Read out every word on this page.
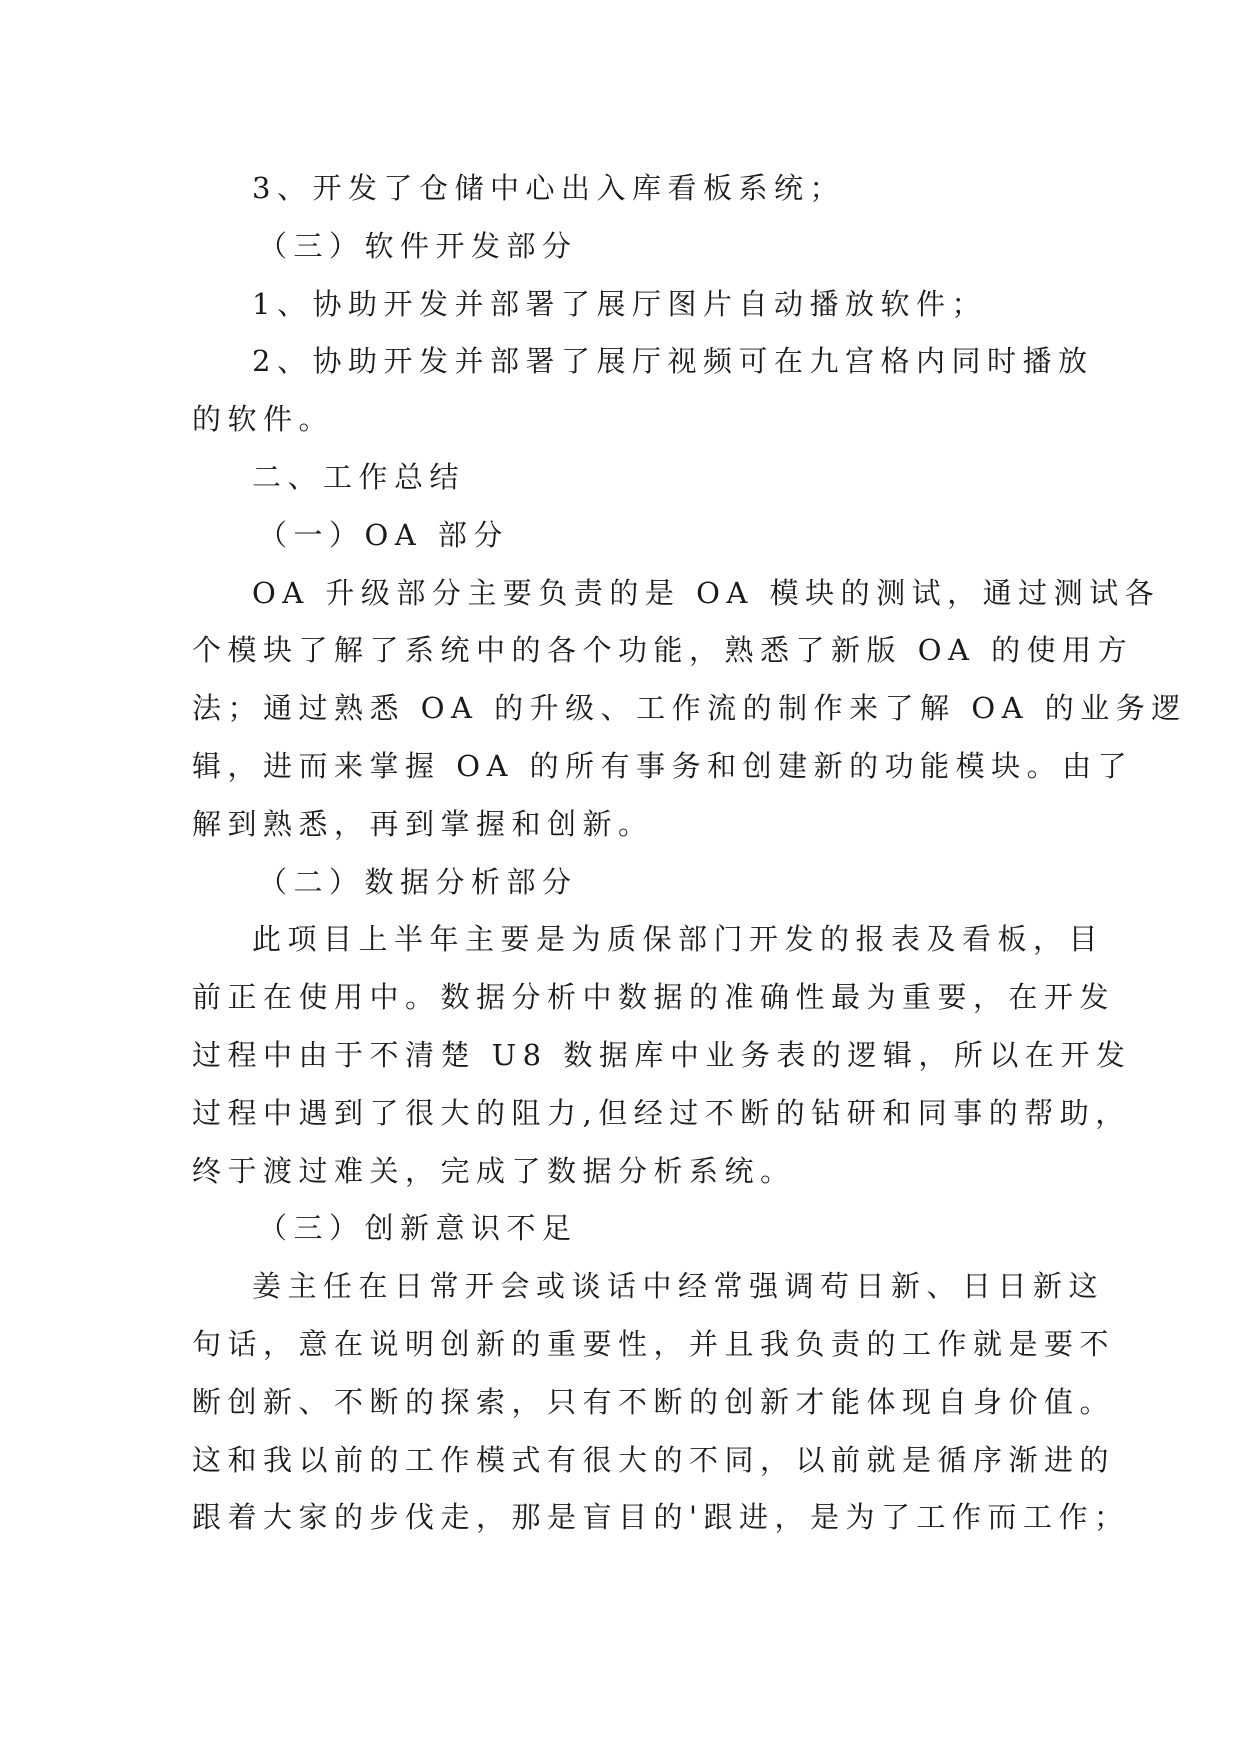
3、开发了仓储中心出入库看板系统；
（三）软件开发部分
1、协助开发并部署了展厅图片自动播放软件；
2、协助开发并部署了展厅视频可在九宫格内同时播放
的软件。
二、工作总结
（一）OA 部分
OA 升级部分主要负责的是 OA 模块的测试，通过测试各
个模块了解了系统中的各个功能，熟悉了新版 OA 的使用方
法；通过熟悉 OA 的升级、工作流的制作来了解 OA 的业务逻
辑，进而来掌握 OA 的所有事务和创建新的功能模块。由了
解到熟悉，再到掌握和创新。
（二）数据分析部分
此项目上半年主要是为质保部门开发的报表及看板，目
前正在使用中。数据分析中数据的准确性最为重要，在开发
过程中由于不清楚 U8 数据库中业务表的逻辑，所以在开发
过程中遇到了很大的阻力,但经过不断的钻研和同事的帮助，
终于渡过难关，完成了数据分析系统。
（三）创新意识不足
姜主任在日常开会或谈话中经常强调苟日新、日日新这
句话，意在说明创新的重要性，并且我负责的工作就是要不
断创新、不断的探索，只有不断的创新才能体现自身价值。
这和我以前的工作模式有很大的不同，以前就是循序渐进的
跟着大家的步伐走，那是盲目的'跟进，是为了工作而工作；
